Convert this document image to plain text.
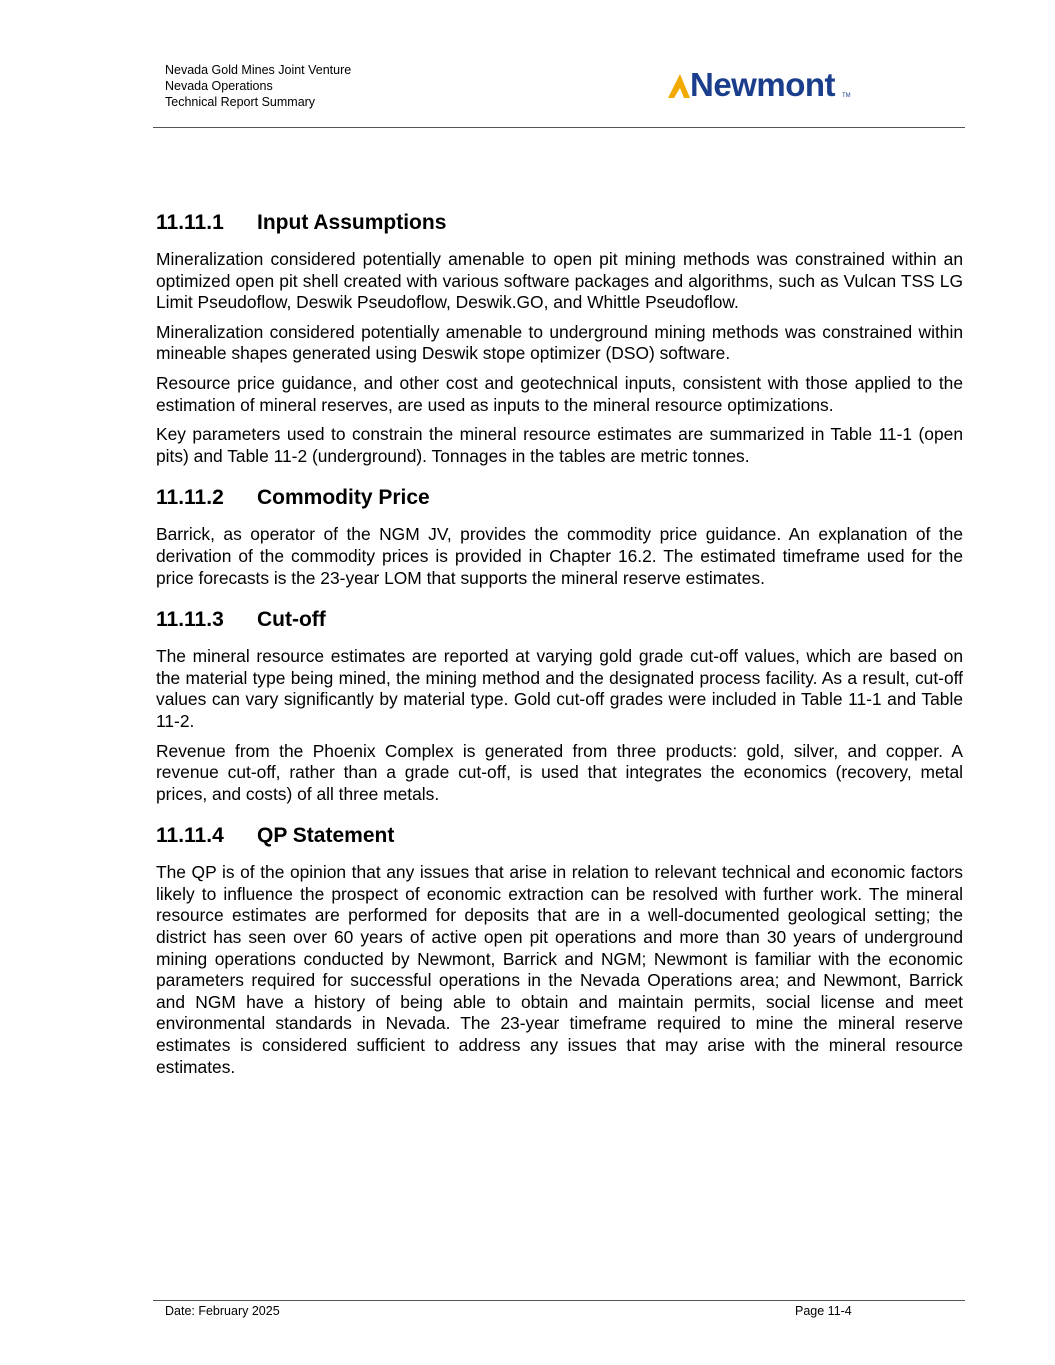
Nevada Gold Mines Joint Venture
Nevada Operations
Technical Report Summary	Newmont TM
11.11.1 Input Assumptions

Mineralization considered potentially amenable to open pit mining methods was constrained within an optimized open pit shell created with various software packages and algorithms, such as Vulcan TSS LG Limit Pseudoflow, Deswik Pseudoflow, Deswik.GO, and Whittle Pseudoflow.

Mineralization considered potentially amenable to underground mining methods was constrained within mineable shapes generated using Deswik stope optimizer (DSO) software.

Resource price guidance, and other cost and geotechnical inputs, consistent with those applied to the estimation of mineral reserves, are used as inputs to the mineral resource optimizations.

Key parameters used to constrain the mineral resource estimates are summarized in Table 11-1 (open pits) and Table 11-2 (underground). Tonnages in the tables are metric tonnes.

11.11.2 Commodity Price

Barrick, as operator of the NGM JV, provides the commodity price guidance. An explanation of the derivation of the commodity prices is provided in Chapter 16.2. The estimated timeframe used for the price forecasts is the 23-year LOM that supports the mineral reserve estimates.

11.11.3 Cut-off

The mineral resource estimates are reported at varying gold grade cut-off values, which are based on the material type being mined, the mining method and the designated process facility. As a result, cut-off values can vary significantly by material type. Gold cut-off grades were included in Table 11-1 and Table 11-2.

Revenue from the Phoenix Complex is generated from three products: gold, silver, and copper. A revenue cut-off, rather than a grade cut-off, is used that integrates the economics (recovery, metal prices, and costs) of all three metals.

11.11.4 QP Statement

The QP is of the opinion that any issues that arise in relation to relevant technical and economic factors likely to influence the prospect of economic extraction can be resolved with further work. The mineral resource estimates are performed for deposits that are in a well-documented geological setting; the district has seen over 60 years of active open pit operations and more than 30 years of underground mining operations conducted by Newmont, Barrick and NGM; Newmont is familiar with the economic parameters required for successful operations in the Nevada Operations area; and Newmont, Barrick and NGM have a history of being able to obtain and maintain permits, social license and meet environmental standards in Nevada. The 23-year timeframe required to mine the mineral reserve estimates is considered sufficient to address any issues that may arise with the mineral resource estimates.

Date: February 2025	Page 11-4
